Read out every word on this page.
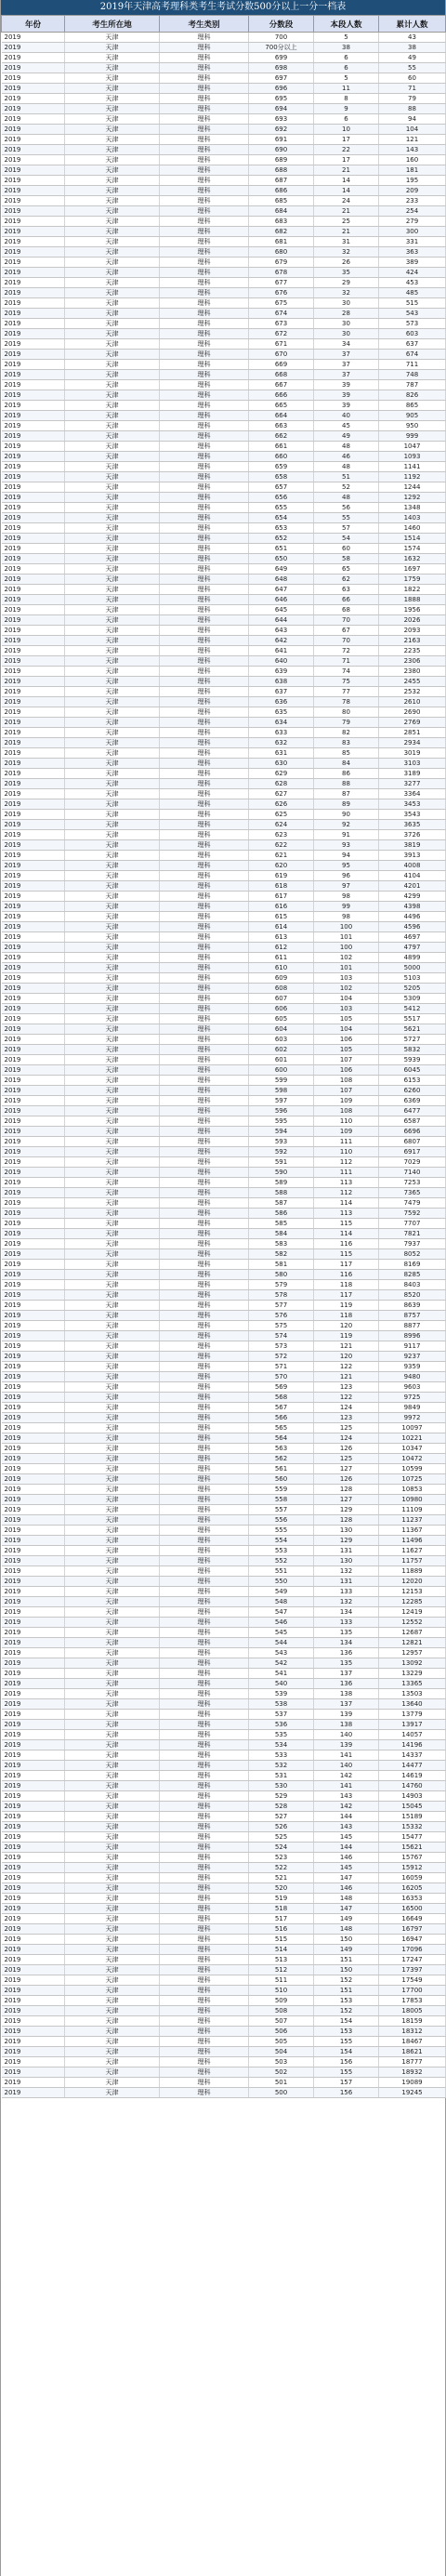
2019年天津高考理科类考生考试分数500分以上一分一档表
年份	考生所在地	考生类别	分数段	本段人数	累计人数
2019	天津	理科	700	5	43
2019	天津	理科	700分以上	38	38
2019	天津	理科	699	6	49
2019	天津	理科	698	6	55
2019	天津	理科	697	5	60
2019	天津	理科	696	11	71
2019	天津	理科	695	8	79
2019	天津	理科	694	9	88
2019	天津	理科	693	6	94
2019	天津	理科	692	10	104
2019	天津	理科	691	17	121
2019	天津	理科	690	22	143
2019	天津	理科	689	17	160
2019	天津	理科	688	21	181
2019	天津	理科	687	14	195
2019	天津	理科	686	14	209
2019	天津	理科	685	24	233
2019	天津	理科	684	21	254
2019	天津	理科	683	25	279
2019	天津	理科	682	21	300
2019	天津	理科	681	31	331
2019	天津	理科	680	32	363
2019	天津	理科	679	26	389
2019	天津	理科	678	35	424
2019	天津	理科	677	29	453
2019	天津	理科	676	32	485
2019	天津	理科	675	30	515
2019	天津	理科	674	28	543
2019	天津	理科	673	30	573
2019	天津	理科	672	30	603
2019	天津	理科	671	34	637
2019	天津	理科	670	37	674
2019	天津	理科	669	37	711
2019	天津	理科	668	37	748
2019	天津	理科	667	39	787
2019	天津	理科	666	39	826
2019	天津	理科	665	39	865
2019	天津	理科	664	40	905
2019	天津	理科	663	45	950
2019	天津	理科	662	49	999
2019	天津	理科	661	48	1047
2019	天津	理科	660	46	1093
2019	天津	理科	659	48	1141
2019	天津	理科	658	51	1192
2019	天津	理科	657	52	1244
2019	天津	理科	656	48	1292
2019	天津	理科	655	56	1348
2019	天津	理科	654	55	1403
2019	天津	理科	653	57	1460
2019	天津	理科	652	54	1514
2019	天津	理科	651	60	1574
2019	天津	理科	650	58	1632
2019	天津	理科	649	65	1697
2019	天津	理科	648	62	1759
2019	天津	理科	647	63	1822
2019	天津	理科	646	66	1888
2019	天津	理科	645	68	1956
2019	天津	理科	644	70	2026
2019	天津	理科	643	67	2093
2019	天津	理科	642	70	2163
2019	天津	理科	641	72	2235
2019	天津	理科	640	71	2306
2019	天津	理科	639	74	2380
2019	天津	理科	638	75	2455
2019	天津	理科	637	77	2532
2019	天津	理科	636	78	2610
2019	天津	理科	635	80	2690
2019	天津	理科	634	79	2769
2019	天津	理科	633	82	2851
2019	天津	理科	632	83	2934
2019	天津	理科	631	85	3019
2019	天津	理科	630	84	3103
2019	天津	理科	629	86	3189
2019	天津	理科	628	88	3277
2019	天津	理科	627	87	3364
2019	天津	理科	626	89	3453
2019	天津	理科	625	90	3543
2019	天津	理科	624	92	3635
2019	天津	理科	623	91	3726
2019	天津	理科	622	93	3819
2019	天津	理科	621	94	3913
2019	天津	理科	620	95	4008
2019	天津	理科	619	96	4104
2019	天津	理科	618	97	4201
2019	天津	理科	617	98	4299
2019	天津	理科	616	99	4398
2019	天津	理科	615	98	4496
2019	天津	理科	614	100	4596
2019	天津	理科	613	101	4697
2019	天津	理科	612	100	4797
2019	天津	理科	611	102	4899
2019	天津	理科	610	101	5000
2019	天津	理科	609	103	5103
2019	天津	理科	608	102	5205
2019	天津	理科	607	104	5309
2019	天津	理科	606	103	5412
2019	天津	理科	605	105	5517
2019	天津	理科	604	104	5621
2019	天津	理科	603	106	5727
2019	天津	理科	602	105	5832
2019	天津	理科	601	107	5939
2019	天津	理科	600	106	6045
2019	天津	理科	599	108	6153
2019	天津	理科	598	107	6260
2019	天津	理科	597	109	6369
2019	天津	理科	596	108	6477
2019	天津	理科	595	110	6587
2019	天津	理科	594	109	6696
2019	天津	理科	593	111	6807
2019	天津	理科	592	110	6917
2019	天津	理科	591	112	7029
2019	天津	理科	590	111	7140
2019	天津	理科	589	113	7253
2019	天津	理科	588	112	7365
2019	天津	理科	587	114	7479
2019	天津	理科	586	113	7592
2019	天津	理科	585	115	7707
2019	天津	理科	584	114	7821
2019	天津	理科	583	116	7937
2019	天津	理科	582	115	8052
2019	天津	理科	581	117	8169
2019	天津	理科	580	116	8285
2019	天津	理科	579	118	8403
2019	天津	理科	578	117	8520
2019	天津	理科	577	119	8639
2019	天津	理科	576	118	8757
2019	天津	理科	575	120	8877
2019	天津	理科	574	119	8996
2019	天津	理科	573	121	9117
2019	天津	理科	572	120	9237
2019	天津	理科	571	122	9359
2019	天津	理科	570	121	9480
2019	天津	理科	569	123	9603
2019	天津	理科	568	122	9725
2019	天津	理科	567	124	9849
2019	天津	理科	566	123	9972
2019	天津	理科	565	125	10097
2019	天津	理科	564	124	10221
2019	天津	理科	563	126	10347
2019	天津	理科	562	125	10472
2019	天津	理科	561	127	10599
2019	天津	理科	560	126	10725
2019	天津	理科	559	128	10853
2019	天津	理科	558	127	10980
2019	天津	理科	557	129	11109
2019	天津	理科	556	128	11237
2019	天津	理科	555	130	11367
2019	天津	理科	554	129	11496
2019	天津	理科	553	131	11627
2019	天津	理科	552	130	11757
2019	天津	理科	551	132	11889
2019	天津	理科	550	131	12020
2019	天津	理科	549	133	12153
2019	天津	理科	548	132	12285
2019	天津	理科	547	134	12419
2019	天津	理科	546	133	12552
2019	天津	理科	545	135	12687
2019	天津	理科	544	134	12821
2019	天津	理科	543	136	12957
2019	天津	理科	542	135	13092
2019	天津	理科	541	137	13229
2019	天津	理科	540	136	13365
2019	天津	理科	539	138	13503
2019	天津	理科	538	137	13640
2019	天津	理科	537	139	13779
2019	天津	理科	536	138	13917
2019	天津	理科	535	140	14057
2019	天津	理科	534	139	14196
2019	天津	理科	533	141	14337
2019	天津	理科	532	140	14477
2019	天津	理科	531	142	14619
2019	天津	理科	530	141	14760
2019	天津	理科	529	143	14903
2019	天津	理科	528	142	15045
2019	天津	理科	527	144	15189
2019	天津	理科	526	143	15332
2019	天津	理科	525	145	15477
2019	天津	理科	524	144	15621
2019	天津	理科	523	146	15767
2019	天津	理科	522	145	15912
2019	天津	理科	521	147	16059
2019	天津	理科	520	146	16205
2019	天津	理科	519	148	16353
2019	天津	理科	518	147	16500
2019	天津	理科	517	149	16649
2019	天津	理科	516	148	16797
2019	天津	理科	515	150	16947
2019	天津	理科	514	149	17096
2019	天津	理科	513	151	17247
2019	天津	理科	512	150	17397
2019	天津	理科	511	152	17549
2019	天津	理科	510	151	17700
2019	天津	理科	509	153	17853
2019	天津	理科	508	152	18005
2019	天津	理科	507	154	18159
2019	天津	理科	506	153	18312
2019	天津	理科	505	155	18467
2019	天津	理科	504	154	18621
2019	天津	理科	503	156	18777
2019	天津	理科	502	155	18932
2019	天津	理科	501	157	19089
2019	天津	理科	500	156	19245
